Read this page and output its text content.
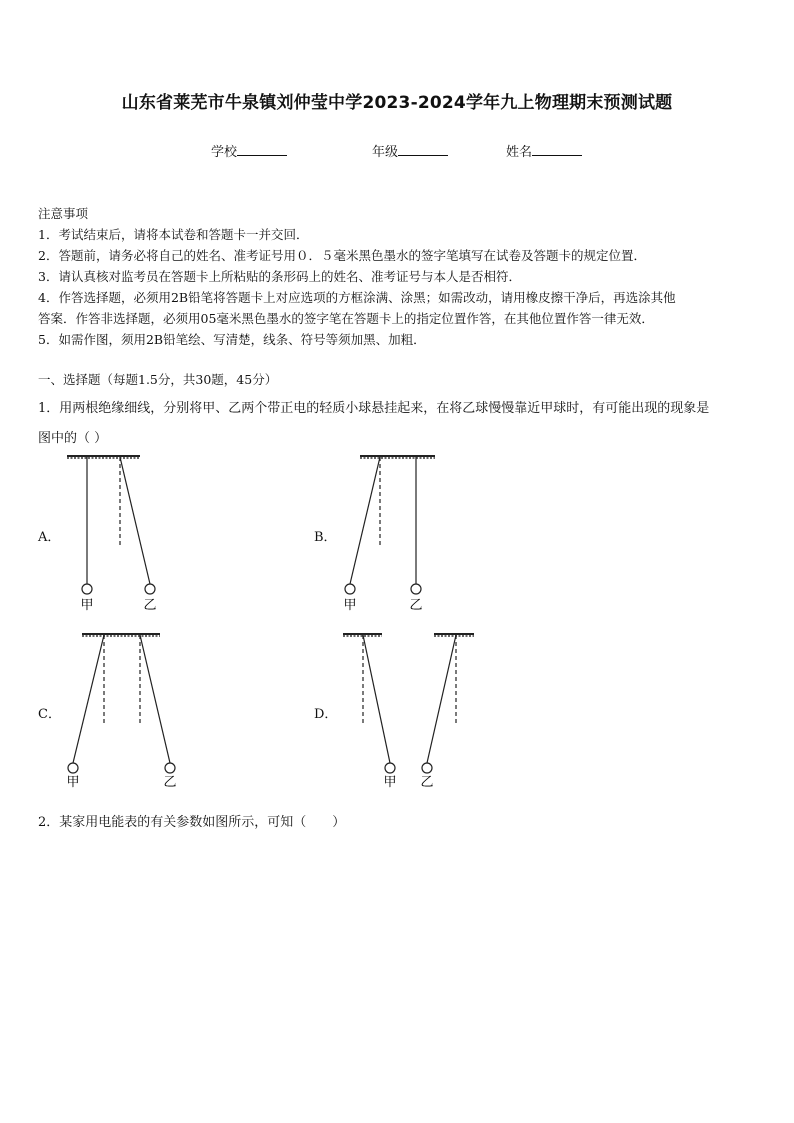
山东省莱芜市牛泉镇刘仲莹中学2023-2024学年九上物理期末预测试题
学校	年级	姓名
注意事项
1．考试结束后，请将本试卷和答题卡一并交回．
2．答题前，请务必将自己的姓名、准考证号用０．５毫米黑色墨水的签字笔填写在试卷及答题卡的规定位置．
3．请认真核对监考员在答题卡上所粘贴的条形码上的姓名、准考证号与本人是否相符．
4．作答选择题，必须用2B铅笔将答题卡上对应选项的方框涂满、涂黑；如需改动，请用橡皮擦干净后，再选涂其他
答案．作答非选择题，必须用05毫米黑色墨水的签字笔在答题卡上的指定位置作答，在其他位置作答一律无效．
5．如需作图，须用2B铅笔绘、写清楚，线条、符号等须加黑、加粗．
一、选择题（每题1.5分，共30题，45分）
1．用两根绝缘细线，分别将甲、乙两个带正电的轻质小球悬挂起来，在将乙球慢慢靠近甲球时，有可能出现的现象是
图中的（ ）
A．
甲	乙
B．
甲	乙
C．
甲	乙
D．
甲 乙
2．某家用电能表的有关参数如图所示，可知（　　）
